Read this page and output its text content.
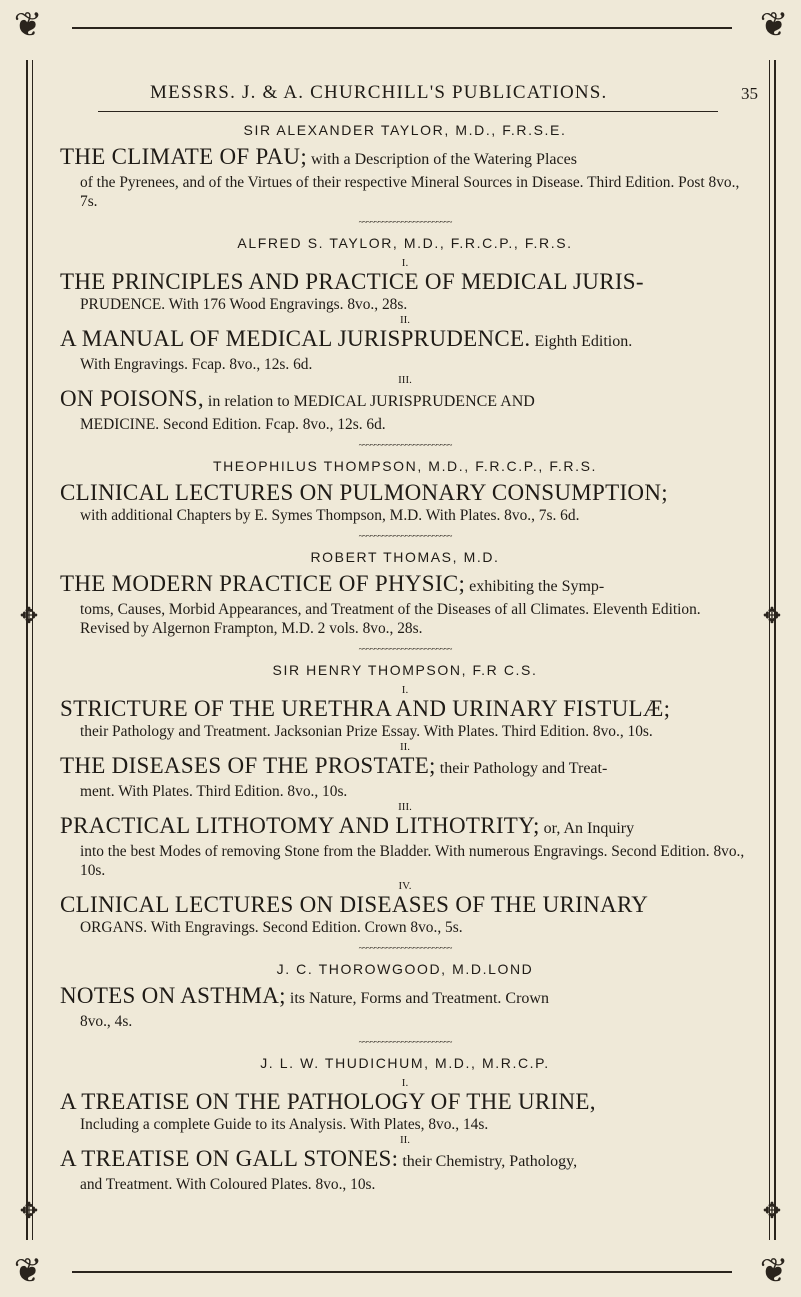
❦	❦
❦	❦
✥	✥
✥	✥
MESSRS. J. & A. CHURCHILL'S PUBLICATIONS.	35

SIR ALEXANDER TAYLOR, M.D., F.R.S.E.

THE CLIMATE OF PAU; with a Description of the Watering Places
of the Pyrenees, and of the Virtues of their respective Mineral Sources in Disease. Third Edition. Post 8vo., 7s.
~~~~~~~~~~~~~~~~~~~~~~~~

ALFRED S. TAYLOR, M.D., F.R.C.P., F.R.S.

I.

THE PRINCIPLES AND PRACTICE OF MEDICAL JURIS-
PRUDENCE. With 176 Wood Engravings. 8vo., 28s.

II.

A MANUAL OF MEDICAL JURISPRUDENCE. Eighth Edition.
With Engravings. Fcap. 8vo., 12s. 6d.

III.

ON POISONS, in relation to MEDICAL JURISPRUDENCE AND
MEDICINE. Second Edition. Fcap. 8vo., 12s. 6d.
~~~~~~~~~~~~~~~~~~~~~~~~

THEOPHILUS THOMPSON, M.D., F.R.C.P., F.R.S.

CLINICAL LECTURES ON PULMONARY CONSUMPTION;
with additional Chapters by E. Symes Thompson, M.D. With Plates. 8vo., 7s. 6d.
~~~~~~~~~~~~~~~~~~~~~~~~

ROBERT THOMAS, M.D.

THE MODERN PRACTICE OF PHYSIC; exhibiting the Symp-
toms, Causes, Morbid Appearances, and Treatment of the Diseases of all Climates. Eleventh Edition. Revised by Algernon Frampton, M.D. 2 vols. 8vo., 28s.
~~~~~~~~~~~~~~~~~~~~~~~~

SIR HENRY THOMPSON, F.R C.S.

I.

STRICTURE OF THE URETHRA AND URINARY FISTULÆ;
their Pathology and Treatment. Jacksonian Prize Essay. With Plates. Third Edition. 8vo., 10s.

II.

THE DISEASES OF THE PROSTATE; their Pathology and Treat-
ment. With Plates. Third Edition. 8vo., 10s.

III.

PRACTICAL LITHOTOMY AND LITHOTRITY; or, An Inquiry
into the best Modes of removing Stone from the Bladder. With numerous Engravings. Second Edition. 8vo., 10s.

IV.

CLINICAL LECTURES ON DISEASES OF THE URINARY
ORGANS. With Engravings. Second Edition. Crown 8vo., 5s.
~~~~~~~~~~~~~~~~~~~~~~~~

J. C. THOROWGOOD, M.D.LOND

NOTES ON ASTHMA; its Nature, Forms and Treatment. Crown
8vo., 4s.
~~~~~~~~~~~~~~~~~~~~~~~~

J. L. W. THUDICHUM, M.D., M.R.C.P.

I.

A TREATISE ON THE PATHOLOGY OF THE URINE,
Including a complete Guide to its Analysis. With Plates, 8vo., 14s.

II.

A TREATISE ON GALL STONES: their Chemistry, Pathology,
and Treatment. With Coloured Plates. 8vo., 10s.
